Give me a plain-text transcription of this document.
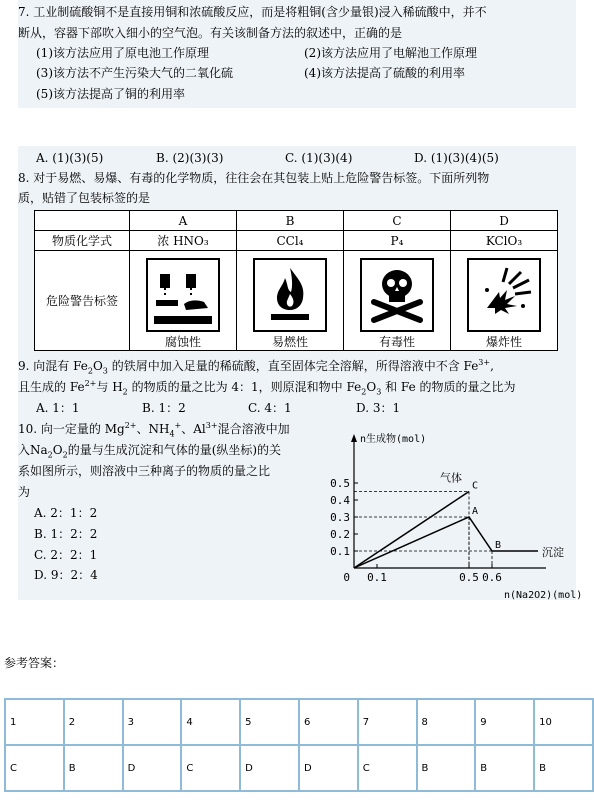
7. 工业制硫酸铜不是直接用铜和浓硫酸反应，而是将粗铜(含少量银)浸入稀硫酸中，并不
断从，容器下部吹入细小的空气泡。有关该制备方法的叙述中，正确的是
(1)该方法应用了原电池工作原理	(2)该方法应用了电解池工作原理
(3)该方法不产生污染大气的二氧化硫	(4)该方法提高了硫酸的利用率
(5)该方法提高了铜的利用率
A. (1)(3)(5)	B. (2)(3)(3)	C. (1)(3)(4)	D. (1)(3)(4)(5)
8. 对于易燃、易爆、有毒的化学物质，往往会在其包装上贴上危险警告标签。下面所列物
质，贴错了包装标签的是
	A	B	C	D
物质化学式	浓 HNO₃	CCl₄	P₄	KClO₃
危险警告标签	腐蚀性	易燃性	有毒性	爆炸性
9. 向混有 $Fe_2O_3$ 的铁屑中加入足量的稀硫酸，直至固体完全溶解，所得溶液中不含 $Fe^{3+}$,
且生成的 $Fe^{2+}$与 $H_2$ 的物质的量之比为 4：1，则原混和物中 $Fe_2O_3$ 和 Fe 的物质的量之比为
A. 1：1	B. 1：2	C. 4：1	D. 3：1
10. 向一定量的 $Mg^{2+}$、$NH_4^+$、$Al^{3+}$混合溶液中加
入$Na_2O_2$的量与生成沉淀和气体的量(纵坐标)的关
系如图所示，则溶液中三种离子的物质的量之比
为
A. 2：1：2
B. 1：2：2
C. 2：2：1
D. 9：2：4
0.1
0.2
0.3
0.4
0.5
0.1	0.5 0.6
0
n生成物(mol)
n(Na2O2)(mol)
气体
沉淀
C
A
B
参考答案：
1	2	3	4	5	6	7	8	9	10
C	B	D	C	D	D	C	B	B	B
